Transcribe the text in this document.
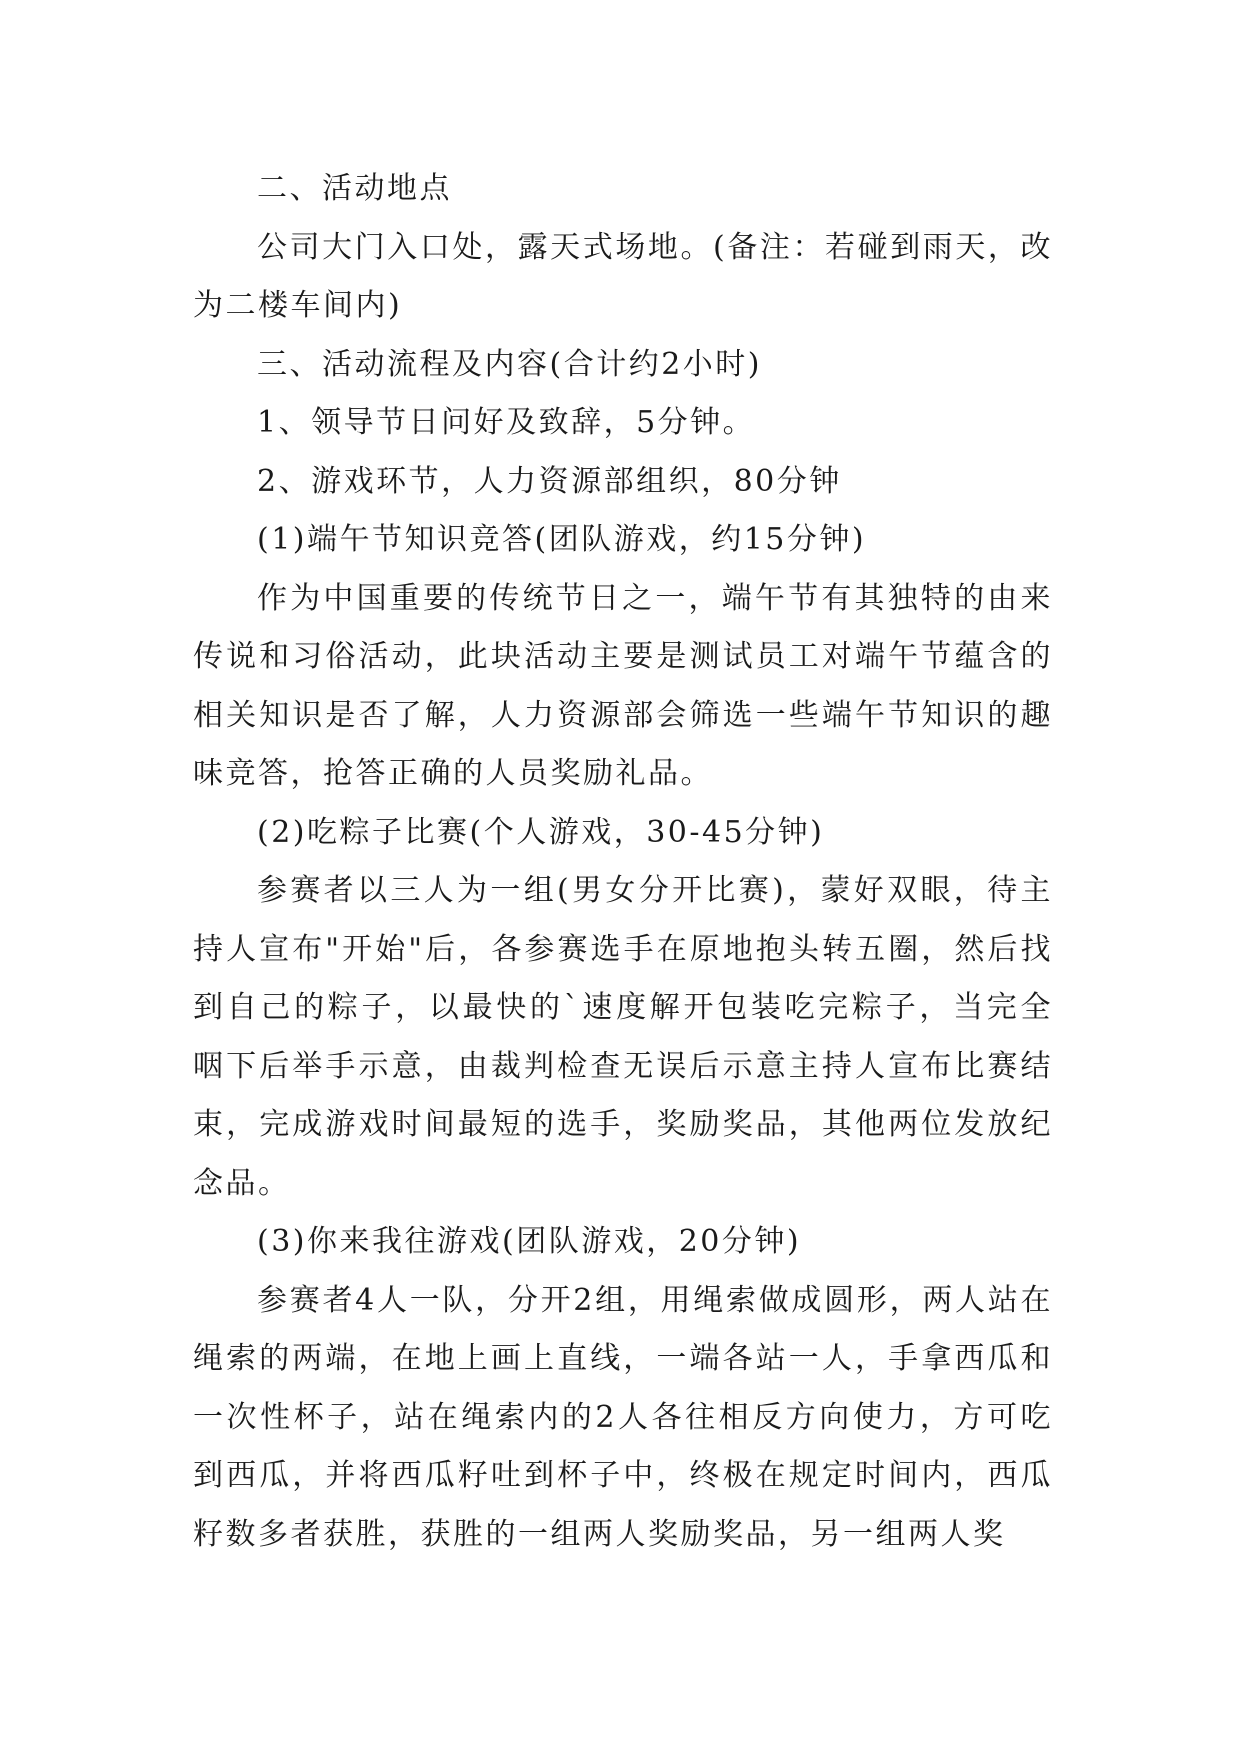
二、活动地点

公司大门入口处，露天式场地。(备注：若碰到雨天，改为二楼车间内)

三、活动流程及内容(合计约2小时)

1、领导节日问好及致辞，5分钟。

2、游戏环节，人力资源部组织，80分钟

(1)端午节知识竞答(团队游戏，约15分钟)

作为中国重要的传统节日之一，端午节有其独特的由来传说和习俗活动，此块活动主要是测试员工对端午节蕴含的相关知识是否了解，人力资源部会筛选一些端午节知识的趣味竞答，抢答正确的人员奖励礼品。

(2)吃粽子比赛(个人游戏，30-45分钟)

参赛者以三人为一组(男女分开比赛)，蒙好双眼，待主持人宣布"开始"后，各参赛选手在原地抱头转五圈，然后找到自己的粽子，以最快的`速度解开包装吃完粽子，当完全咽下后举手示意，由裁判检查无误后示意主持人宣布比赛结束，完成游戏时间最短的选手，奖励奖品，其他两位发放纪念品。

(3)你来我往游戏(团队游戏，20分钟)

参赛者4人一队，分开2组，用绳索做成圆形，两人站在绳索的两端，在地上画上直线，一端各站一人，手拿西瓜和一次性杯子，站在绳索内的2人各往相反方向使力，方可吃到西瓜，并将西瓜籽吐到杯子中，终极在规定时间内，西瓜籽数多者获胜，获胜的一组两人奖励奖品，另一组两人奖
